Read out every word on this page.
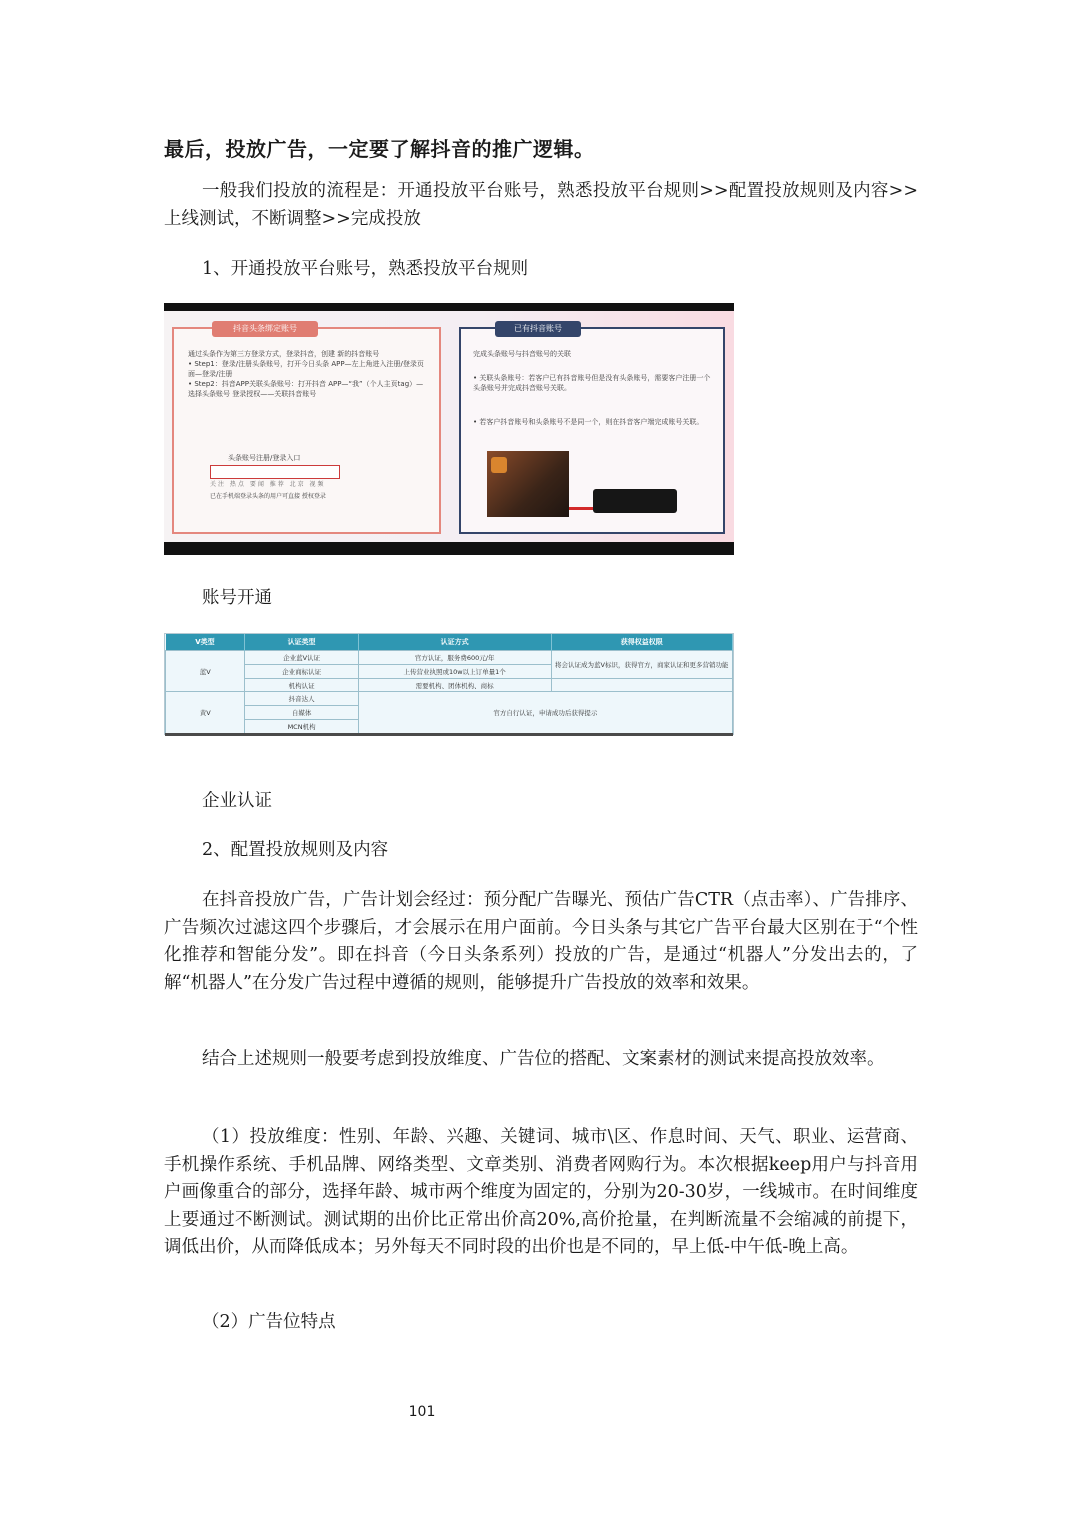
最后，投放广告，一定要了解抖音的推广逻辑。
一般我们投放的流程是：开通投放平台账号，熟悉投放平台规则>>配置投放规则及内容>>上线测试，不断调整>>完成投放
1、开通投放平台账号，熟悉投放平台规则
抖音头条绑定账号
通过头条作为第三方登录方式，登录抖音，创建 新的抖音账号
• Step1：登录/注册头条账号，打开今日头条 APP—左上角进入注册/登录页面—登录/注册
• Step2：抖音APP关联头条账号：打开抖音 APP—“我”（个人主页tag）—选择头条账号 登录授权——关联抖音账号
头条账号注册/登录入口
关注 热点 要闻 推荐 北京 视频
已在手机端登录头条的用户可直接 授权登录
已有抖音账号
完成头条账号与抖音账号的关联
• 关联头条账号：若客户已有抖音账号但是没有头条账号，需要客户注册一个头条账号并完成抖音账号关联。
• 若客户抖音账号和头条账号不是同一个，则在抖音客户端完成账号关联。
账号开通
V类型	认证类型	认证方式	获得权益权限
蓝V	企业蓝V认证	官方认证，服务费600元/年	将会认证成为蓝V标识，获得官方，商家认证和更多营销功能
	企业商标认证	上传营业执照或10w以上订单量1个	
	机构认证	需要机构、团体机构、商标	
黄V	抖音达人	官方自行认证，申请成功后获得提示	
	自媒体		
	MCN机构		
企业认证
2、配置投放规则及内容
在抖音投放广告，广告计划会经过：预分配广告曝光、预估广告CTR（点击率）、广告排序、广告频次过滤这四个步骤后，才会展示在用户面前。今日头条与其它广告平台最大区别在于“个性化推荐和智能分发”。即在抖音（今日头条系列）投放的广告，是通过“机器人”分发出去的，了解“机器人”在分发广告过程中遵循的规则，能够提升广告投放的效率和效果。
结合上述规则一般要考虑到投放维度、广告位的搭配、文案素材的测试来提高投放效率。
（1）投放维度：性别、年龄、兴趣、关键词、城市\区、作息时间、天气、职业、运营商、手机操作系统、手机品牌、网络类型、文章类别、消费者网购行为。本次根据keep用户与抖音用户画像重合的部分，选择年龄、城市两个维度为固定的，分别为20-30岁，一线城市。在时间维度上要通过不断测试。测试期的出价比正常出价高20%,高价抢量，在判断流量不会缩减的前提下，调低出价，从而降低成本；另外每天不同时段的出价也是不同的，早上低-中午低-晚上高。
（2）广告位特点
101
